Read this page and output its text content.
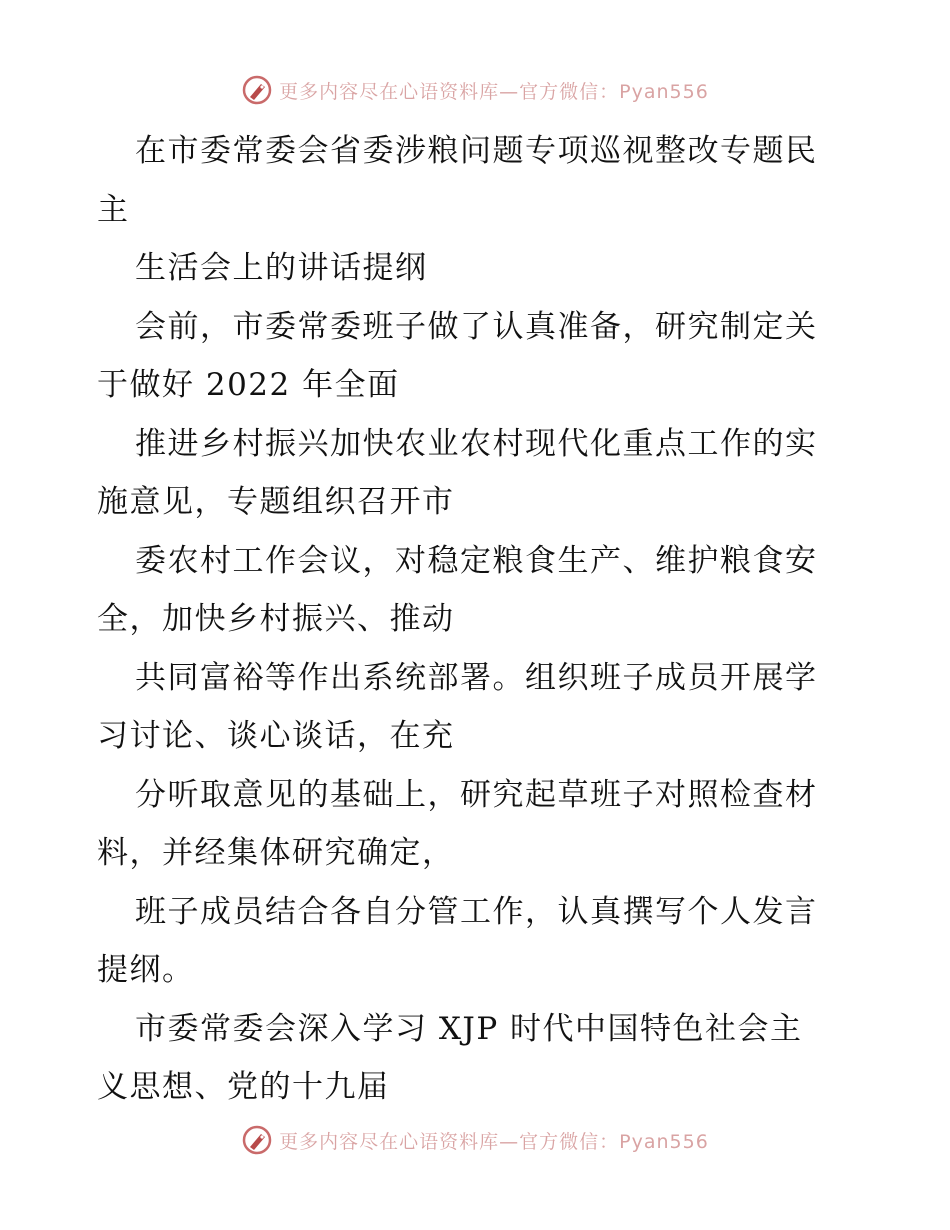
更多内容尽在心语资料库—官方微信：Pyan556
在市委常委会省委涉粮问题专项巡视整改专题民
主
生活会上的讲话提纲
会前，市委常委班子做了认真准备，研究制定关
于做好 2022 年全面
推进乡村振兴加快农业农村现代化重点工作的实
施意见，专题组织召开市
委农村工作会议，对稳定粮食生产、维护粮食安
全，加快乡村振兴、推动
共同富裕等作出系统部署。组织班子成员开展学
习讨论、谈心谈话，在充
分听取意见的基础上，研究起草班子对照检查材
料，并经集体研究确定，
班子成员结合各自分管工作，认真撰写个人发言
提纲。
市委常委会深入学习 XJP 时代中国特色社会主
义思想、党的十九届
更多内容尽在心语资料库—官方微信：Pyan556
